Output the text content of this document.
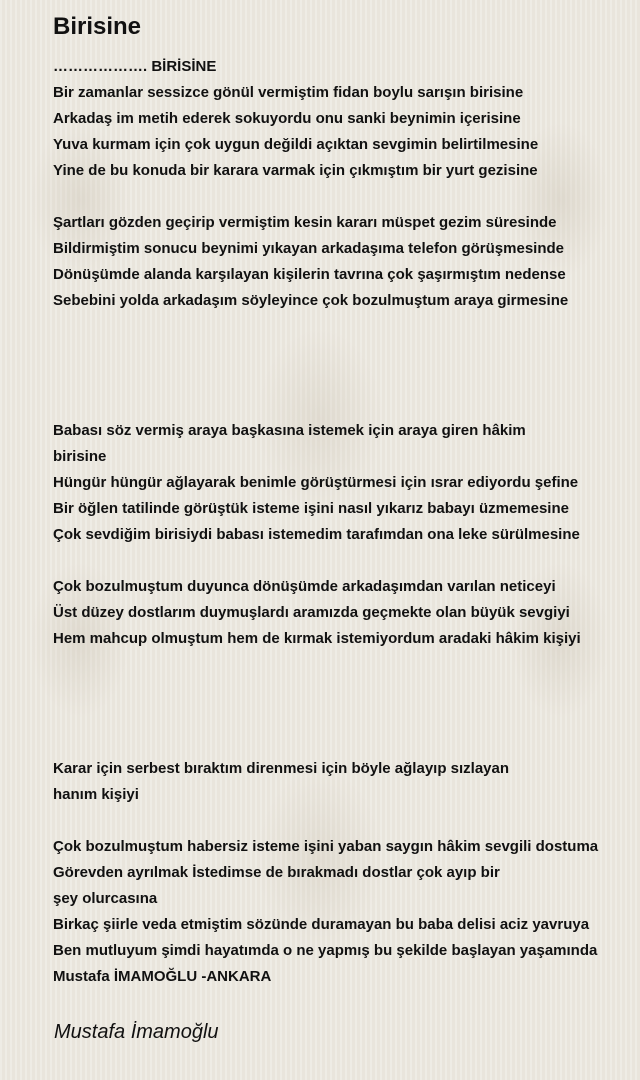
Birisine
………………. BİRİSİNE
Bir zamanlar sessizce gönül vermiştim fidan boylu sarışın birisine
Arkadaş im metih ederek sokuyordu onu sanki beynimin içerisine
Yuva kurmam için çok uygun değildi açıktan sevgimin belirtilmesine
Yine de bu konuda bir karara varmak için çıkmıştım bir yurt gezisine
Şartları gözden geçirip vermiştim kesin kararı müspet gezim süresinde
Bildirmiştim sonucu beynimi yıkayan arkadaşıma telefon görüşmesinde
Dönüşümde alanda karşılayan kişilerin tavrına çok şaşırmıştım nedense
Sebebini yolda arkadaşım söyleyince çok bozulmuştum araya girmesine
Babası söz vermiş araya başkasına istemek için araya giren hâkim
birisine
Hüngür hüngür ağlayarak benimle görüştürmesi için ısrar ediyordu şefine
Bir öğlen tatilinde görüştük isteme işini nasıl yıkarız babayı üzmemesine
Çok sevdiğim birisiydi babası istemedim tarafımdan ona leke sürülmesine
Çok bozulmuştum duyunca dönüşümde arkadaşımdan varılan neticeyi
Üst düzey dostlarım duymuşlardı aramızda geçmekte olan büyük sevgiyi
Hem mahcup olmuştum hem de kırmak istemiyordum aradaki hâkim kişiyi
Karar için serbest bıraktım direnmesi için böyle ağlayıp sızlayan
hanım kişiyi
Çok bozulmuştum habersiz isteme işini yaban saygın hâkim sevgili dostuma
Görevden ayrılmak İstedimse de bırakmadı dostlar çok ayıp bir
şey olurcasına
Birkaç şiirle veda etmiştim sözünde duramayan bu baba delisi aciz yavruya
Ben mutluyum şimdi hayatımda o ne yapmış bu şekilde başlayan yaşamında
Mustafa İMAMOĞLU -ANKARA
Mustafa İmamoğlu
